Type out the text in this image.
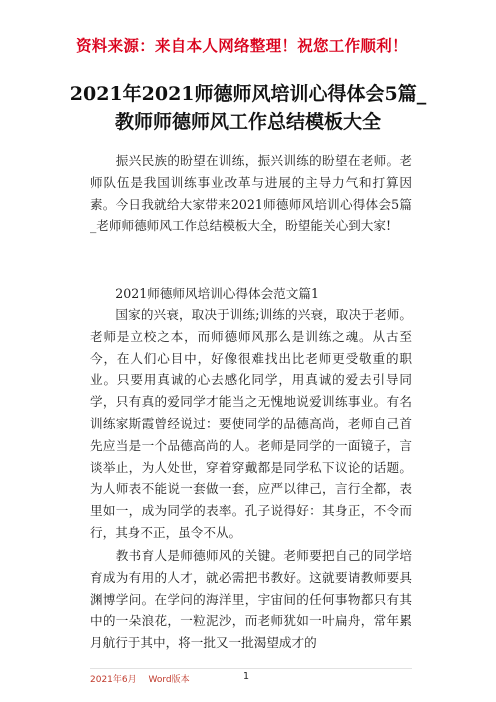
资料来源：来自本人网络整理！祝您工作顺利！
2021年2021师德师风培训心得体会5篇_
教师师德师风工作总结模板大全
　　振兴民族的盼望在训练，振兴训练的盼望在老师。老师队伍是我国训练事业改革与进展的主导力气和打算因素。今日我就给大家带来2021师德师风培训心得体会5篇_老师师德师风工作总结模板大全，盼望能关心到大家!
　　2021师德师风培训心得体会范文篇1
　　国家的兴衰，取决于训练;训练的兴衰，取决于老师。 老师是立校之本，而师德师风那么是训练之魂。从古至今，在人们心目中，好像很难找出比老师更受敬重的职业。只要用真诚的心去感化同学，用真诚的爱去引导同学，只有真的爱同学才能当之无愧地说爱训练事业。有名训练家斯霞曾经说过：要使同学的品德高尚，老师自己首先应当是一个品德高尚的人。老师是同学的一面镜子，言谈举止，为人处世，穿着穿戴都是同学私下议论的话题。为人师表不能说一套做一套，应严以律己，言行全都，表里如一，成为同学的表率。孔子说得好：其身正，不令而行，其身不正，虽令不从。
　　教书育人是师德师风的关键。老师要把自己的同学培育成为有用的人才，就必需把书教好。这就要请教师要具渊博学问。在学问的海洋里，宇宙间的任何事物都只有其中的一朵浪花，一粒泥沙，而老师犹如一叶扁舟，常年累月航行于其中，将一批又一批渴望成才的
2021年6月　 Word版本	1
